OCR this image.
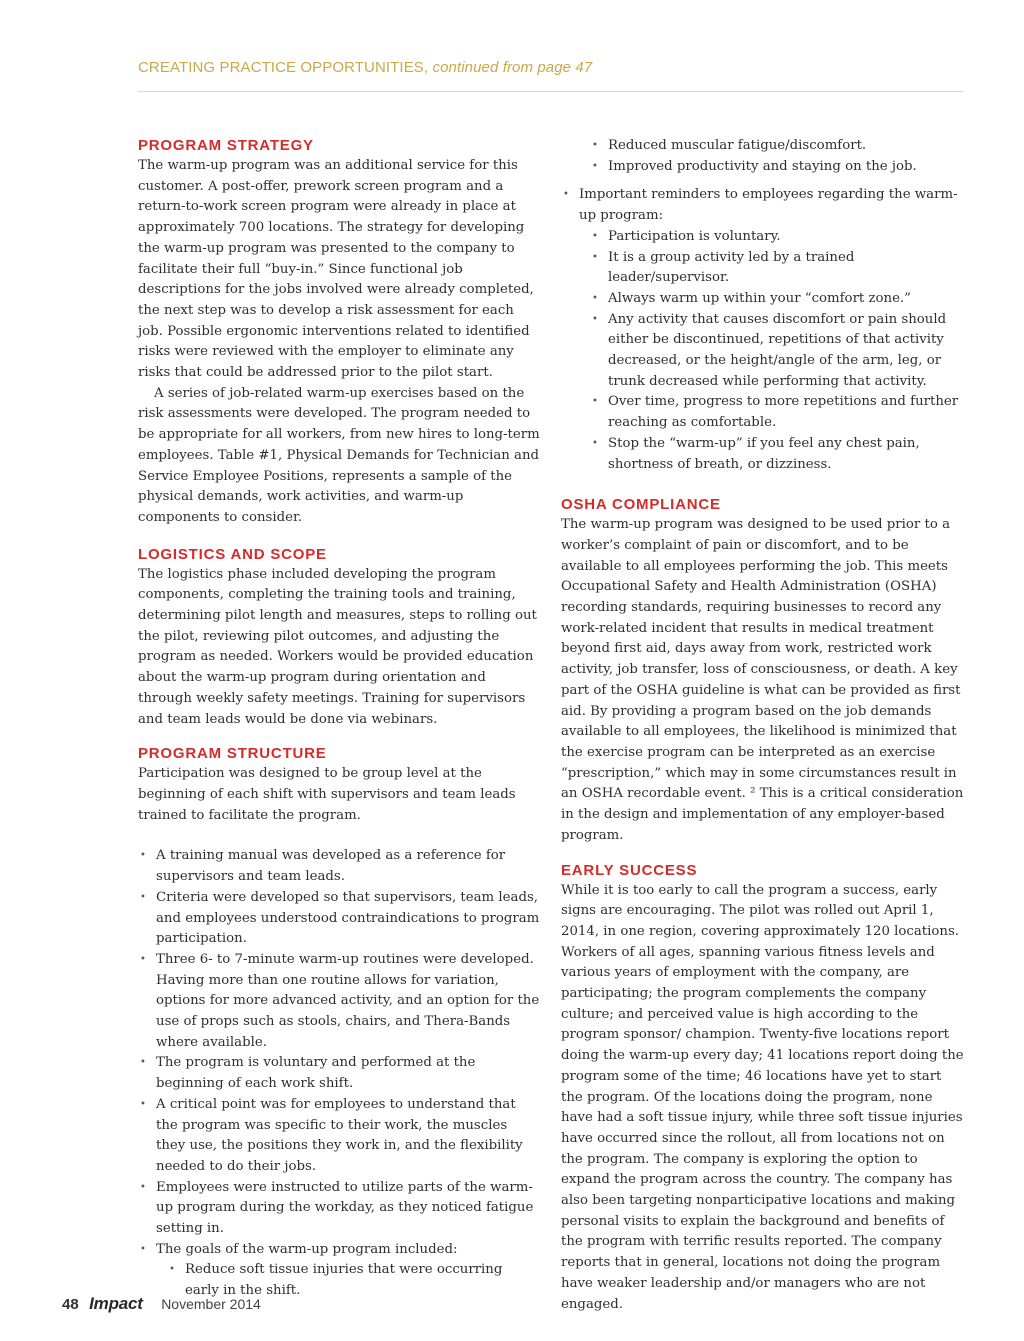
CREATING PRACTICE OPPORTUNITIES, continued from page 47
PROGRAM STRATEGY

The warm-up program was an additional service for this customer. A post-offer, prework screen program and a return-to-work screen program were already in place at approximately 700 locations. The strategy for developing the warm-up program was presented to the company to facilitate their full “buy-in.” Since functional job descriptions for the jobs involved were already completed, the next step was to develop a risk assessment for each job. Possible ergonomic interventions related to identified risks were reviewed with the employer to eliminate any risks that could be addressed prior to the pilot start.

A series of job-related warm-up exercises based on the risk assessments were developed. The program needed to be appropriate for all workers, from new hires to long-term employees. Table #1, Physical Demands for Technician and Service Employee Positions, represents a sample of the physical demands, work activities, and warm-up components to consider.

LOGISTICS AND SCOPE

The logistics phase included developing the program components, completing the training tools and training, determining pilot length and measures, steps to rolling out the pilot, reviewing pilot outcomes, and adjusting the program as needed. Workers would be provided education about the warm-up program during orientation and through weekly safety meetings. Training for supervisors and team leads would be done via webinars.

PROGRAM STRUCTURE

Participation was designed to be group level at the beginning of each shift with supervisors and team leads trained to facilitate the program.

• A training manual was developed as a reference for supervisors and team leads.
• Criteria were developed so that supervisors, team leads, and employees understood contraindications to program participation.
• Three 6- to 7-minute warm-up routines were developed. Having more than one routine allows for variation, options for more advanced activity, and an option for the use of props such as stools, chairs, and Thera-Bands where available.
• The program is voluntary and performed at the beginning of each work shift.
• A critical point was for employees to understand that the program was specific to their work, the muscles they use, the positions they work in, and the flexibility needed to do their jobs.
• Employees were instructed to utilize parts of the warm-up program during the workday, as they noticed fatigue setting in.
• The goals of the warm-up program included:
• Reduce soft tissue injuries that were occurring early in the shift.
• Reduced muscular fatigue/discomfort.
• Improved productivity and staying on the job.
• Important reminders to employees regarding the warm-up program:
• Participation is voluntary.
• It is a group activity led by a trained leader/supervisor.
• Always warm up within your “comfort zone.”
• Any activity that causes discomfort or pain should either be discontinued, repetitions of that activity decreased, or the height/angle of the arm, leg, or trunk decreased while performing that activity.
• Over time, progress to more repetitions and further reaching as comfortable.
• Stop the “warm-up” if you feel any chest pain, shortness of breath, or dizziness.
OSHA COMPLIANCE

The warm-up program was designed to be used prior to a worker’s complaint of pain or discomfort, and to be available to all employees performing the job. This meets Occupational Safety and Health Administration (OSHA) recording standards, requiring businesses to record any work-related incident that results in medical treatment beyond first aid, days away from work, restricted work activity, job transfer, loss of consciousness, or death. A key part of the OSHA guideline is what can be provided as first aid. By providing a program based on the job demands available to all employees, the likelihood is minimized that the exercise program can be interpreted as an exercise “prescription,” which may in some circumstances result in an OSHA recordable event. ² This is a critical consideration in the design and implementation of any employer-based program.

EARLY SUCCESS

While it is too early to call the program a success, early signs are encouraging. The pilot was rolled out April 1, 2014, in one region, covering approximately 120 locations. Workers of all ages, spanning various fitness levels and various years of employment with the company, are participating; the program complements the company culture; and perceived value is high according to the program sponsor/ champion. Twenty-five locations report doing the warm-up every day; 41 locations report doing the program some of the time; 46 locations have yet to start the program. Of the locations doing the program, none have had a soft tissue injury, while three soft tissue injuries have occurred since the rollout, all from locations not on the program. The company is exploring the option to expand the program across the country. The company has also been targeting nonparticipative locations and making personal visits to explain the background and benefits of the program with terrific results reported. The company reports that in general, locations not doing the program have weaker leadership and/or managers who are not engaged.

48 Impact November 2014
